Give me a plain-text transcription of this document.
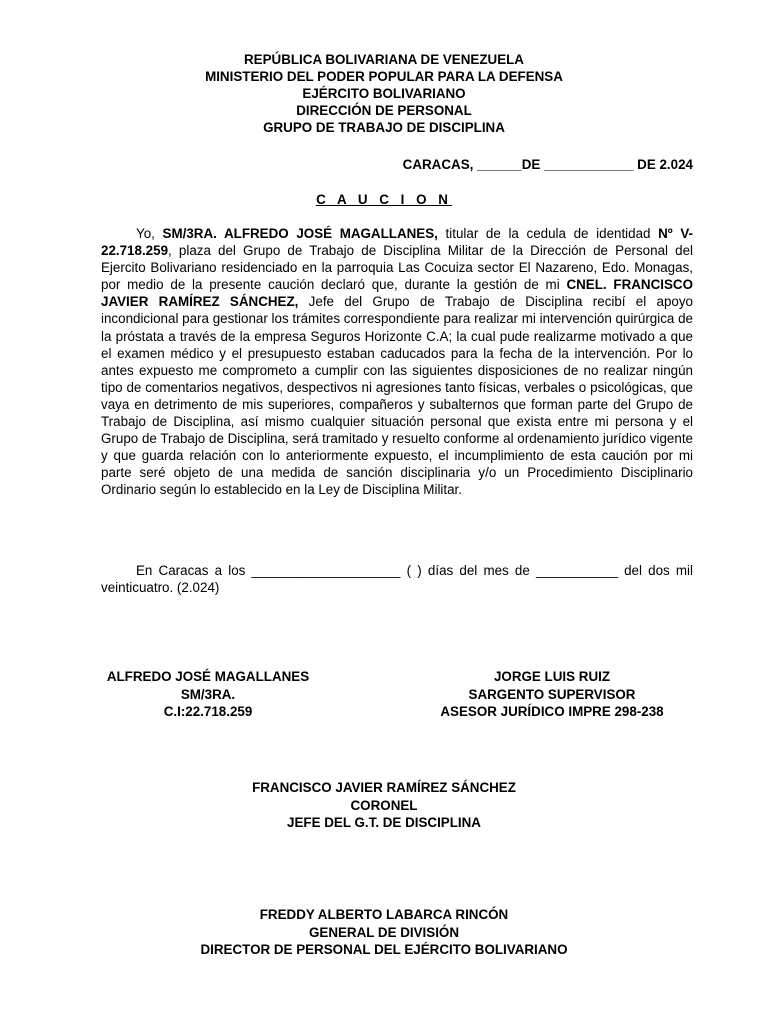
REPÚBLICA BOLIVARIANA DE VENEZUELA
MINISTERIO DEL PODER POPULAR PARA LA DEFENSA
EJÉRCITO BOLIVARIANO
DIRECCIÓN DE PERSONAL
GRUPO DE TRABAJO DE DISCIPLINA
CARACAS, ______DE ____________ DE 2.024
C A U C I O N

Yo, SM/3RA. ALFREDO JOSÉ MAGALLANES, titular de la cedula de identidad Nº V-22.718.259, plaza del Grupo de Trabajo de Disciplina Militar de la Dirección de Personal del Ejercito Bolivariano residenciado en la parroquia Las Cocuiza sector El Nazareno, Edo. Monagas, por medio de la presente caución declaró que, durante la gestión de mi CNEL. FRANCISCO JAVIER RAMÍREZ SÁNCHEZ, Jefe del Grupo de Trabajo de Disciplina recibí el apoyo incondicional para gestionar los trámites correspondiente para realizar mi intervención quirúrgica de la próstata a través de la empresa Seguros Horizonte C.A; la cual pude realizarme motivado a que el examen médico y el presupuesto estaban caducados para la fecha de la intervención. Por lo antes expuesto me comprometo a cumplir con las siguientes disposiciones de no realizar ningún tipo de comentarios negativos, despectivos ni agresiones tanto físicas, verbales o psicológicas, que vaya en detrimento de mis superiores, compañeros y subalternos que forman parte del Grupo de Trabajo de Disciplina, así mismo cualquier situación personal que exista entre mi persona y el Grupo de Trabajo de Disciplina, será tramitado y resuelto conforme al ordenamiento jurídico vigente y que guarda relación con lo anteriormente expuesto, el incumplimiento de esta caución por mi parte seré objeto de una medida de sanción disciplinaria y/o un Procedimiento Disciplinario Ordinario según lo establecido en la Ley de Disciplina Militar.

En Caracas a los ____________________ ( ) días del mes de ___________ del dos mil veinticuatro. (2.024)

ALFREDO JOSÉ MAGALLANES
SM/3RA.
C.I:22.718.259
JORGE LUIS RUIZ
SARGENTO SUPERVISOR
ASESOR JURÍDICO IMPRE 298-238
FRANCISCO JAVIER RAMÍREZ SÁNCHEZ
CORONEL
JEFE DEL G.T. DE DISCIPLINA
FREDDY ALBERTO LABARCA RINCÓN
GENERAL DE DIVISIÓN
DIRECTOR DE PERSONAL DEL EJÉRCITO BOLIVARIANO
